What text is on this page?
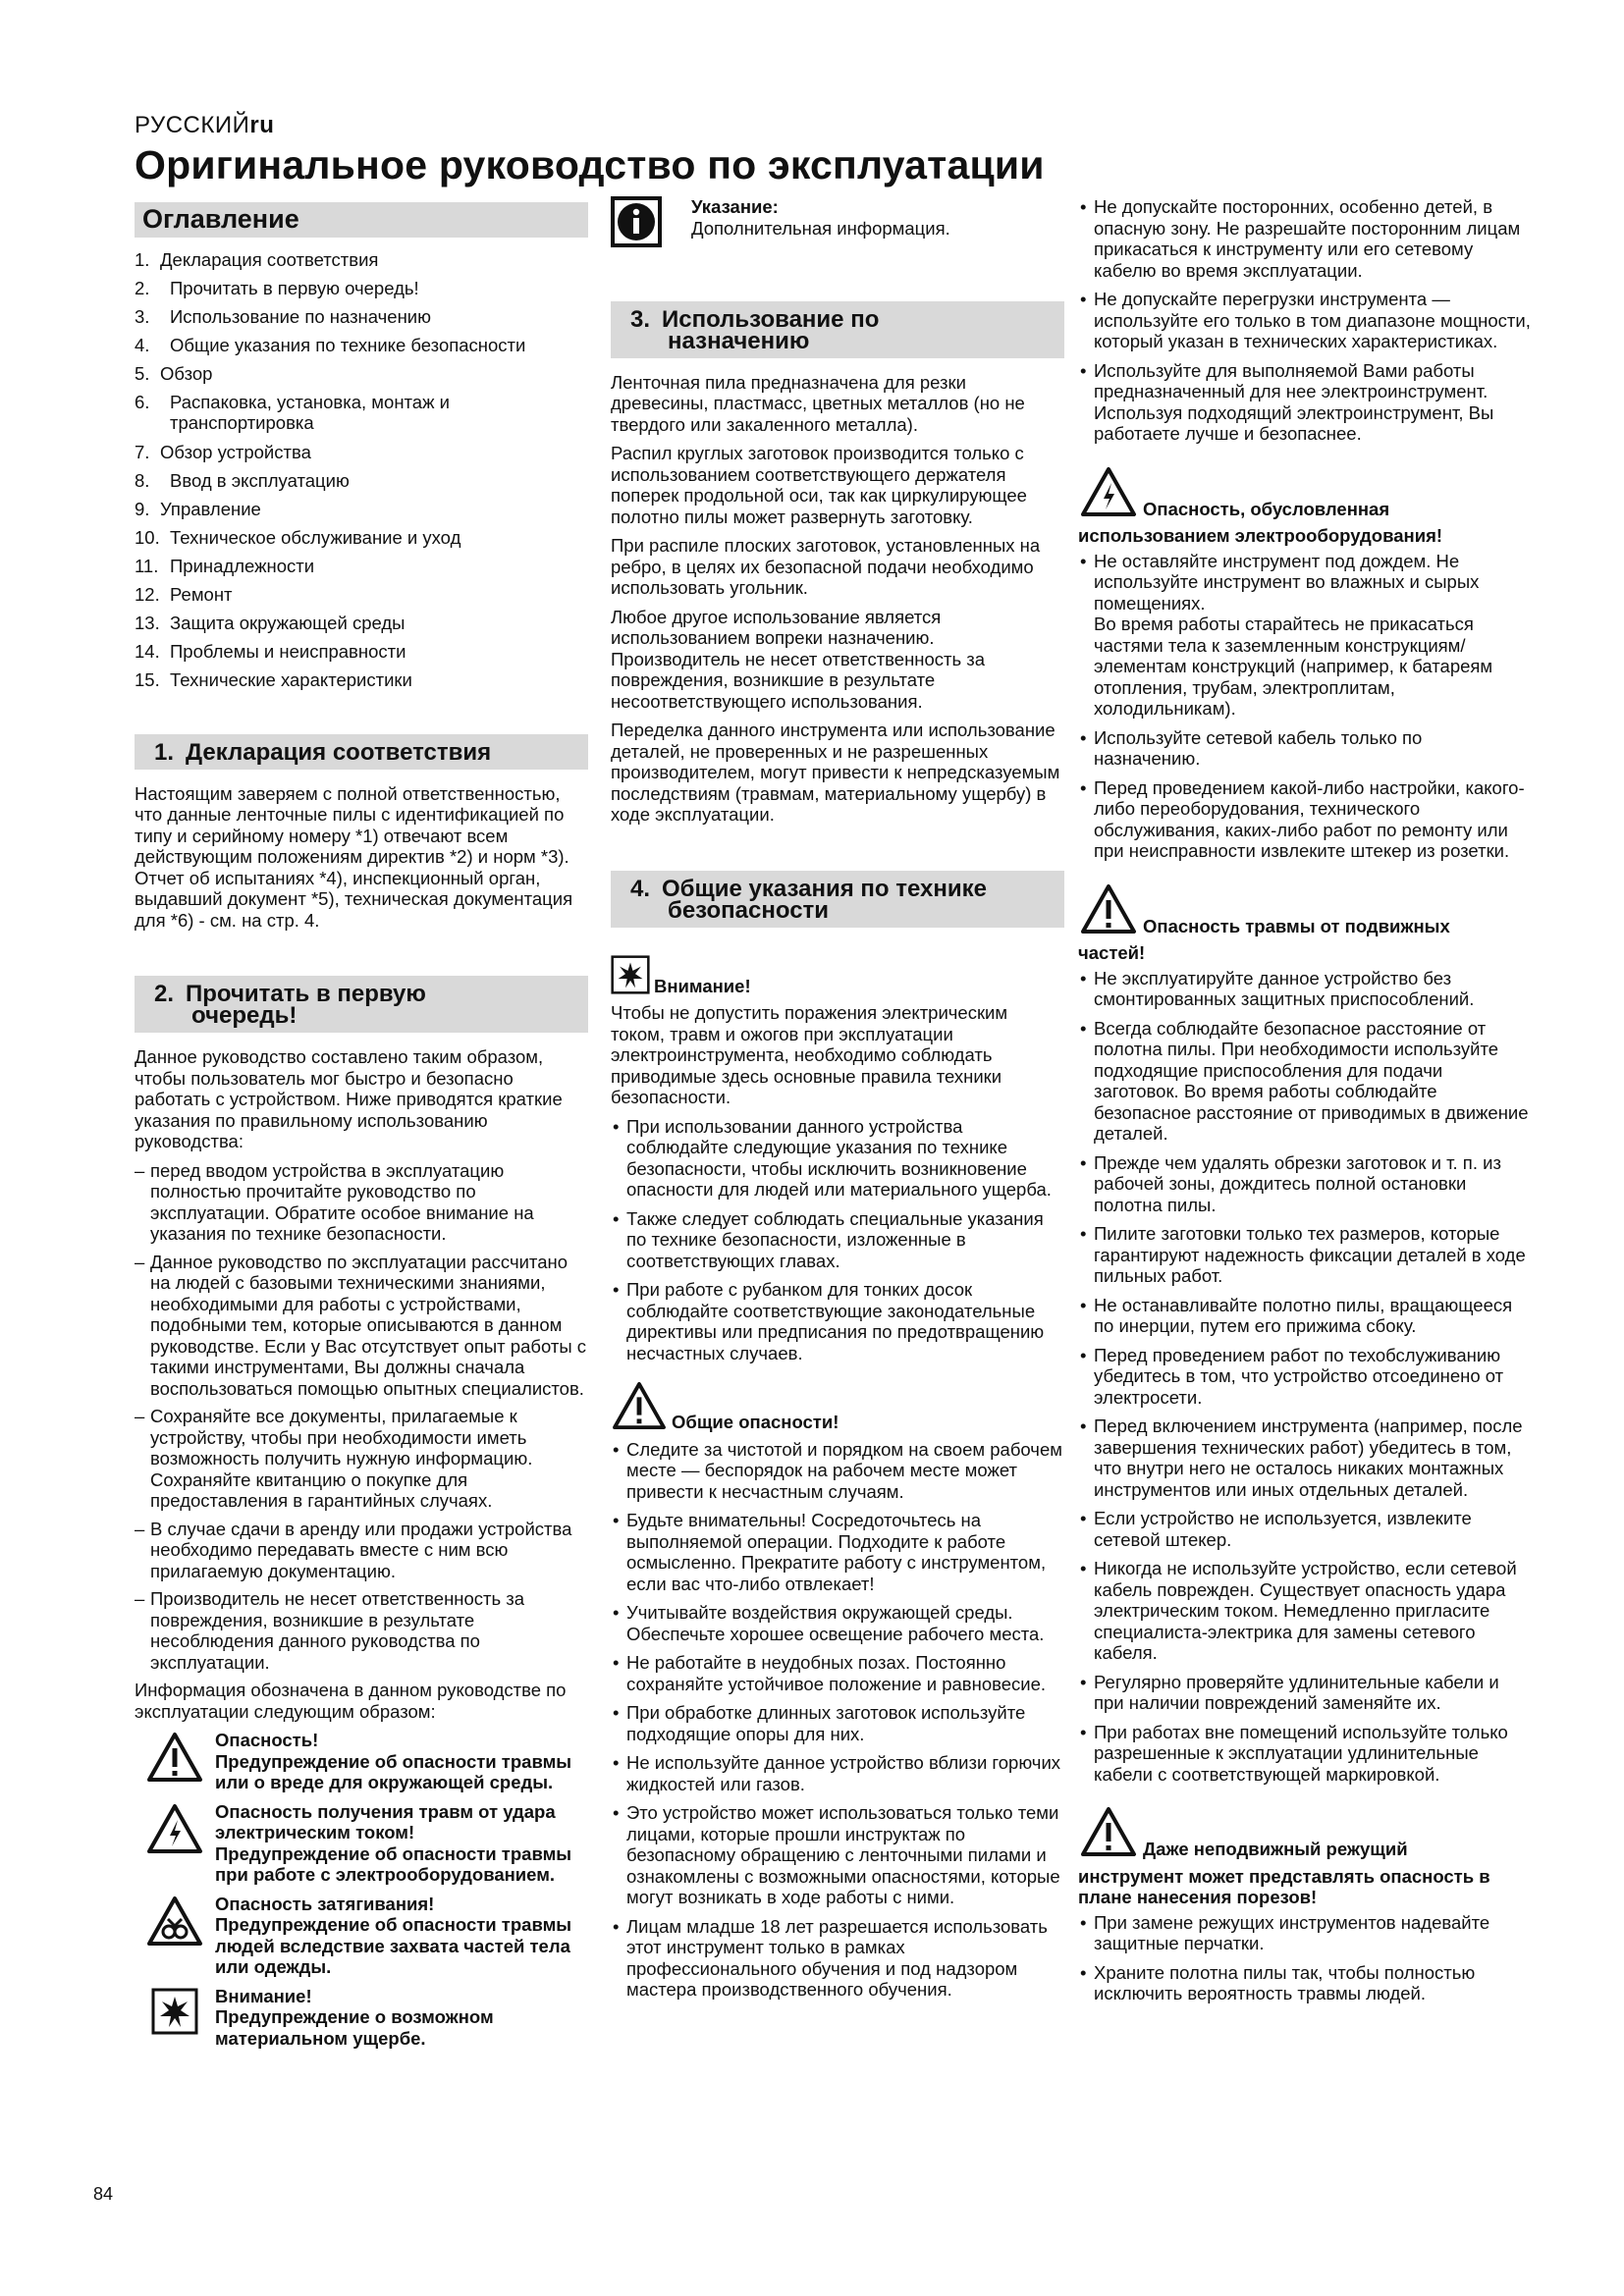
РУССКИЙru
Оригинальное руководство по эксплуатации
Оглавление
1. Декларация соответствия
2.	Прочитать в первую очередь!
3.	Использование по назначению
4.	Общие указания по технике безопасности
5. Обзор
6.	Распаковка, установка, монтаж и транспортировка
7. Обзор устройства
8.	Ввод в эксплуатацию
9. Управление
10. Техническое обслуживание и уход
11. Принадлежности
12. Ремонт
13. Защита окружающей среды
14. Проблемы и неисправности
15. Технические характеристики
1. Декларация соответствия

Настоящим заверяем с полной ответственностью, что данные ленточные пилы с идентификацией по типу и серийному номеру *1) отвечают всем действующим положениям директив *2) и норм *3). Отчет об испытаниях *4), инспекционный орган, выдавший документ *5), техническая документация для *6) - см. на стр. 4.

2. Прочитать в первую
очередь!

Данное руководство составлено таким образом, чтобы пользователь мог быстро и безопасно работать с устройством. Ниже приводятся краткие указания по правильному использованию руководства:

– перед вводом устройства в эксплуатацию полностью прочитайте руководство по эксплуатации. Обратите особое внимание на указания по технике безопасности.
– Данное руководство по эксплуатации рассчитано на людей с базовыми техническими знаниями, необходимыми для работы с устройствами, подобными тем, которые описываются в данном руководстве. Если у Вас отсутствует опыт работы с такими инструментами, Вы должны сначала воспользоваться помощью опытных специалистов.
– Сохраняйте все документы, прилагаемые к устройству, чтобы при необходимости иметь возможность получить нужную информацию. Сохраняйте квитанцию о покупке для предоставления в гарантийных случаях.
– В случае сдачи в аренду или продажи устройства необходимо передавать вместе с ним всю прилагаемую документацию.
– Производитель не несет ответственность за повреждения, возникшие в результате несоблюдения данного руководства по эксплуатации.

Информация обозначена в данном руководстве по эксплуатации следующим образом:

Опасность!
Предупреждение об опасности травмы или о вреде для окружающей среды.
Опасность получения травм от удара электрическим током!
Предупреждение об опасности травмы при работе с электрооборудованием.
Опасность затягивания!
Предупреждение об опасности травмы людей вследствие захвата частей тела или одежды.
Внимание!
Предупреждение о возможном материальном ущербе.
Указание:
Дополнительная информация.
3. Использование по
назначению

Ленточная пила предназначена для резки древесины, пластмасс, цветных металлов (но не твердого или закаленного металла).

Распил круглых заготовок производится только с использованием соответствующего держателя поперек продольной оси, так как циркулирующее полотно пилы может развернуть заготовку.

При распиле плоских заготовок, установленных на ребро, в целях их безопасной подачи необходимо использовать угольник.

Любое другое использование является использованием вопреки назначению. Производитель не несет ответственность за повреждения, возникшие в результате несоответствующего использования.

Переделка данного инструмента или использование деталей, не проверенных и не разрешенных производителем, могут привести к непредсказуемым последствиям (травмам, материальному ущербу) в ходе эксплуатации.

4. Общие указания по технике
безопасности
Внимание!

Чтобы не допустить поражения электрическим током, травм и ожогов при эксплуатации электроинструмента, необходимо соблюдать приводимые здесь основные правила техники безопасности.

• При использовании данного устройства соблюдайте следующие указания по технике безопасности, чтобы исключить возникновение опасности для людей или материального ущерба.
• Также следует соблюдать специальные указания по технике безопасности, изложенные в соответствующих главах.
• При работе с рубанком для тонких досок соблюдайте соответствующие законодательные директивы или предписания по предотвращению несчастных случаев.
Общие опасности!
• Следите за чистотой и порядком на своем рабочем месте — беспорядок на рабочем месте может привести к несчастным случаям.
• Будьте внимательны! Сосредоточьтесь на выполняемой операции. Подходите к работе осмысленно. Прекратите работу с инструментом, если вас что-либо отвлекает!
• Учитывайте воздействия окружающей среды. Обеспечьте хорошее освещение рабочего места.
• Не работайте в неудобных позах. Постоянно сохраняйте устойчивое положение и равновесие.
• При обработке длинных заготовок используйте подходящие опоры для них.
• Не используйте данное устройство вблизи горючих жидкостей или газов.
• Это устройство может использоваться только теми лицами, которые прошли инструктаж по безопасному обращению с ленточными пилами и ознакомлены с возможными опасностями, которые могут возникать в ходе работы с ними.
• Лицам младше 18 лет разрешается использовать этот инструмент только в рамках профессионального обучения и под надзором мастера производственного обучения.
• Не допускайте посторонних, особенно детей, в опасную зону. Не разрешайте посторонним лицам прикасаться к инструменту или его сетевому кабелю во время эксплуатации.
• Не допускайте перегрузки инструмента — используйте его только в том диапазоне мощности, который указан в технических характеристиках.
• Используйте для выполняемой Вами работы предназначенный для нее электроинструмент. Используя подходящий электроинструмент, Вы работаете лучше и безопаснее.
Опасность, обусловленная
использованием электрооборудования!
• Не оставляйте инструмент под дождем. Не используйте инструмент во влажных и сырых помещениях.
Во время работы старайтесь не прикасаться частями тела к заземленным конструкциям/ элементам конструкций (например, к батареям отопления, трубам, электроплитам, холодильникам).
• Используйте сетевой кабель только по назначению.
• Перед проведением какой-либо настройки, какого-либо переоборудования, технического обслуживания, каких-либо работ по ремонту или при неисправности извлеките штекер из розетки.
Опасность травмы от подвижных
частей!
• Не эксплуатируйте данное устройство без смонтированных защитных приспособлений.
• Всегда соблюдайте безопасное расстояние от полотна пилы. При необходимости используйте подходящие приспособления для подачи заготовок. Во время работы соблюдайте безопасное расстояние от приводимых в движение деталей.
• Прежде чем удалять обрезки заготовок и т. п. из рабочей зоны, дождитесь полной остановки полотна пилы.
• Пилите заготовки только тех размеров, которые гарантируют надежность фиксации деталей в ходе пильных работ.
• Не останавливайте полотно пилы, вращающееся по инерции, путем его прижима сбоку.
• Перед проведением работ по техобслуживанию убедитесь в том, что устройство отсоединено от электросети.
• Перед включением инструмента (например, после завершения технических работ) убедитесь в том, что внутри него не осталось никаких монтажных инструментов или иных отдельных деталей.
• Если устройство не используется, извлеките сетевой штекер.
• Никогда не используйте устройство, если сетевой кабель поврежден. Существует опасность удара электрическим током. Немедленно пригласите специалиста-электрика для замены сетевого кабеля.
• Регулярно проверяйте удлинительные кабели и при наличии повреждений заменяйте их.
• При работах вне помещений используйте только разрешенные к эксплуатации удлинительные кабели с соответствующей маркировкой.
Даже неподвижный режущий
инструмент может представлять опасность в плане нанесения порезов!
• При замене режущих инструментов надевайте защитные перчатки.
• Храните полотна пилы так, чтобы полностью исключить вероятность травмы людей.
84
